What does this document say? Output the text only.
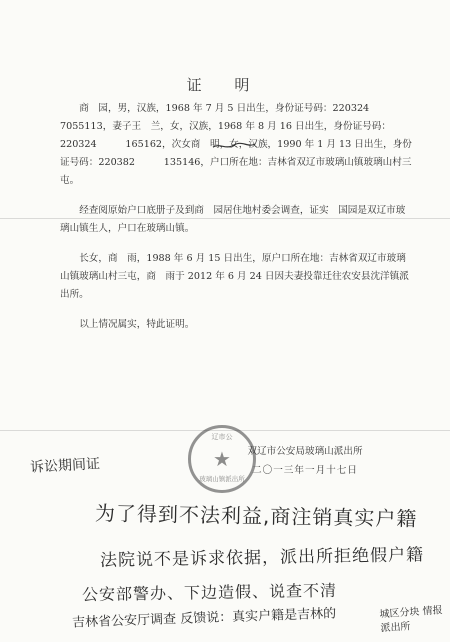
证 明

商　园，男，汉族，1968 年 7 月 5 日出生，身份证号码：220324　　　7055113，妻子王　兰，女，汉族，1968 年 8 月 16 日出生，身份证号码：220324　　　165162，次女商　明，女，汉族，1990 年 1 月 13 日出生，身份证号码：220382　　　135146，户口所在地：吉林省双辽市玻璃山镇玻璃山村三屯。

经查阅原始户口底册子及到商　园居住地村委会调查，证实　国园是双辽市玻璃山镇生人，户口在玻璃山镇。

长女，商　雨，1988 年 6 月 15 日出生，原户口所在地：吉林省双辽市玻璃山镇玻璃山村三屯，商　雨于 2012 年 6 月 24 日因夫妻投靠迁往农安县沈洋镇派出所。

以上情况属实，特此证明。

双辽市公安局玻璃山派出所
二〇一三年一月十七日
辽市公
★
玻璃山镇派出所
诉讼期间证
为了得到不法利益,商注销真实户籍
法院说不是诉求依据，派出所拒绝假户籍
公安部警办、下边造假、说查不清
吉林省公安厅调查 反馈说：真实户籍是吉林的	城区分块 情报 派出所
